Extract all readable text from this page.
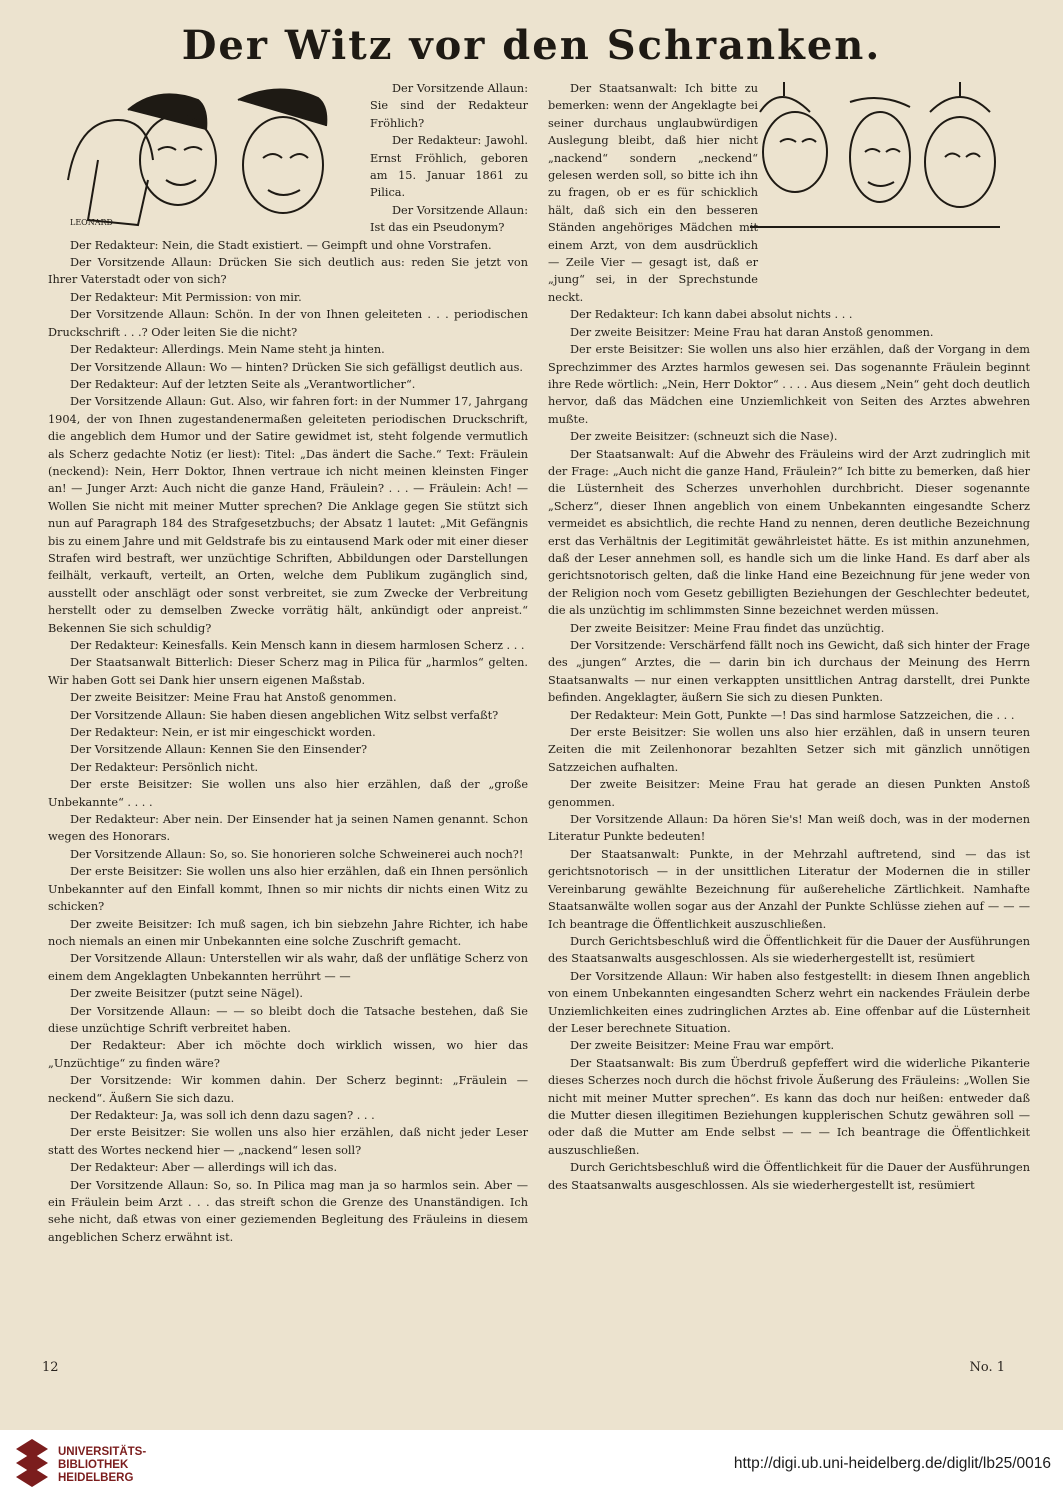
Der Witz vor den Schranken.
LEONARD

Der Vorsitzende Allaun: Sie sind der Redakteur Fröhlich?

Der Redakteur: Jawohl. Ernst Fröhlich, geboren am 15. Januar 1861 zu Pilica.

Der Vorsitzende Allaun: Ist das ein Pseudonym?

Der Redakteur: Nein, die Stadt existiert. — Geimpft und ohne Vorstrafen.

Der Vorsitzende Allaun: Drücken Sie sich deutlich aus: reden Sie jetzt von Ihrer Vaterstadt oder von sich?

Der Redakteur: Mit Permission: von mir.

Der Vorsitzende Allaun: Schön. In der von Ihnen geleiteten . . . periodischen Druckschrift . . .? Oder leiten Sie die nicht?

Der Redakteur: Allerdings. Mein Name steht ja hinten.

Der Vorsitzende Allaun: Wo — hinten? Drücken Sie sich gefälligst deutlich aus.

Der Redakteur: Auf der letzten Seite als „Verantwortlicher“.

Der Vorsitzende Allaun: Gut. Also, wir fahren fort: in der Nummer 17, Jahrgang 1904, der von Ihnen zugestandenermaßen geleiteten periodischen Druckschrift, die angeblich dem Humor und der Satire gewidmet ist, steht folgende vermutlich als Scherz gedachte Notiz (er liest): Titel: „Das ändert die Sache.“ Text: Fräulein (neckend): Nein, Herr Doktor, Ihnen vertraue ich nicht meinen kleinsten Finger an! — Junger Arzt: Auch nicht die ganze Hand, Fräulein? . . . — Fräulein: Ach! — Wollen Sie nicht mit meiner Mutter sprechen? Die Anklage gegen Sie stützt sich nun auf Paragraph 184 des Strafgesetzbuchs; der Absatz 1 lautet: „Mit Gefängnis bis zu einem Jahre und mit Geldstrafe bis zu eintausend Mark oder mit einer dieser Strafen wird bestraft, wer unzüchtige Schriften, Abbildungen oder Darstellungen feilhält, verkauft, verteilt, an Orten, welche dem Publikum zugänglich sind, ausstellt oder anschlägt oder sonst verbreitet, sie zum Zwecke der Verbreitung herstellt oder zu demselben Zwecke vorrätig hält, ankündigt oder anpreist.“ Bekennen Sie sich schuldig?

Der Redakteur: Keinesfalls. Kein Mensch kann in diesem harmlosen Scherz . . .

Der Staatsanwalt Bitterlich: Dieser Scherz mag in Pilica für „harmlos“ gelten. Wir haben Gott sei Dank hier unsern eigenen Maßstab.

Der zweite Beisitzer: Meine Frau hat Anstoß genommen.

Der Vorsitzende Allaun: Sie haben diesen angeblichen Witz selbst verfaßt?

Der Redakteur: Nein, er ist mir eingeschickt worden.

Der Vorsitzende Allaun: Kennen Sie den Einsender?

Der Redakteur: Persönlich nicht.

Der erste Beisitzer: Sie wollen uns also hier erzählen, daß der „große Unbekannte“ . . . .

Der Redakteur: Aber nein. Der Einsender hat ja seinen Namen genannt. Schon wegen des Honorars.

Der Vorsitzende Allaun: So, so. Sie honorieren solche Schweinerei auch noch?!

Der erste Beisitzer: Sie wollen uns also hier erzählen, daß ein Ihnen persönlich Unbekannter auf den Einfall kommt, Ihnen so mir nichts dir nichts einen Witz zu schicken?

Der zweite Beisitzer: Ich muß sagen, ich bin siebzehn Jahre Richter, ich habe noch niemals an einen mir Unbekannten eine solche Zuschrift gemacht.

Der Vorsitzende Allaun: Unterstellen wir als wahr, daß der unflätige Scherz von einem dem Angeklagten Unbekannten herrührt — —

Der zweite Beisitzer (putzt seine Nägel).

Der Vorsitzende Allaun: — — so bleibt doch die Tatsache bestehen, daß Sie diese unzüchtige Schrift verbreitet haben.

Der Redakteur: Aber ich möchte doch wirklich wissen, wo hier das „Unzüchtige“ zu finden wäre?

Der Vorsitzende: Wir kommen dahin. Der Scherz beginnt: „Fräulein — neckend“. Äußern Sie sich dazu.

Der Redakteur: Ja, was soll ich denn dazu sagen? . . .

Der erste Beisitzer: Sie wollen uns also hier erzählen, daß nicht jeder Leser statt des Wortes neckend hier — „nackend“ lesen soll?

Der Redakteur: Aber — allerdings will ich das.

Der Vorsitzende Allaun: So, so. In Pilica mag man ja so harmlos sein. Aber — ein Fräulein beim Arzt . . . das streift schon die Grenze des Unanständigen. Ich sehe nicht, daß etwas von einer geziemenden Begleitung des Fräuleins in diesem angeblichen Scherz erwähnt ist.

Der Staatsanwalt: Ich bitte zu bemerken: wenn der Angeklagte bei seiner durchaus unglaubwürdigen Auslegung bleibt, daß hier nicht „nackend“ sondern „neckend“ gelesen werden soll, so bitte ich ihn zu fragen, ob er es für schicklich hält, daß sich ein den besseren Ständen angehöriges Mädchen mit einem Arzt, von dem ausdrücklich — Zeile Vier — gesagt ist, daß er „jung“ sei, in der Sprechstunde neckt.

Der Redakteur: Ich kann dabei absolut nichts . . .

Der zweite Beisitzer: Meine Frau hat daran Anstoß genommen.

Der erste Beisitzer: Sie wollen uns also hier erzählen, daß der Vorgang in dem Sprechzimmer des Arztes harmlos gewesen sei. Das sogenannte Fräulein beginnt ihre Rede wörtlich: „Nein, Herr Doktor“ . . . . Aus diesem „Nein“ geht doch deutlich hervor, daß das Mädchen eine Unziemlichkeit von Seiten des Arztes abwehren mußte.

Der zweite Beisitzer: (schneuzt sich die Nase).

Der Staatsanwalt: Auf die Abwehr des Fräuleins wird der Arzt zudringlich mit der Frage: „Auch nicht die ganze Hand, Fräulein?“ Ich bitte zu bemerken, daß hier die Lüsternheit des Scherzes unverhohlen durchbricht. Dieser sogenannte „Scherz“, dieser Ihnen angeblich von einem Unbekannten eingesandte Scherz vermeidet es absichtlich, die rechte Hand zu nennen, deren deutliche Bezeichnung erst das Verhältnis der Legitimität gewährleistet hätte. Es ist mithin anzunehmen, daß der Leser annehmen soll, es handle sich um die linke Hand. Es darf aber als gerichtsnotorisch gelten, daß die linke Hand eine Bezeichnung für jene weder von der Religion noch vom Gesetz gebilligten Beziehungen der Geschlechter bedeutet, die als unzüchtig im schlimmsten Sinne bezeichnet werden müssen.

Der zweite Beisitzer: Meine Frau findet das unzüchtig.

Der Vorsitzende: Verschärfend fällt noch ins Gewicht, daß sich hinter der Frage des „jungen“ Arztes, die — darin bin ich durchaus der Meinung des Herrn Staatsanwalts — nur einen verkappten unsittlichen Antrag darstellt, drei Punkte befinden. Angeklagter, äußern Sie sich zu diesen Punkten.

Der Redakteur: Mein Gott, Punkte —! Das sind harmlose Satzzeichen, die . . .

Der erste Beisitzer: Sie wollen uns also hier erzählen, daß in unsern teuren Zeiten die mit Zeilenhonorar bezahlten Setzer sich mit gänzlich unnötigen Satzzeichen aufhalten.

Der zweite Beisitzer: Meine Frau hat gerade an diesen Punkten Anstoß genommen.

Der Vorsitzende Allaun: Da hören Sie's! Man weiß doch, was in der modernen Literatur Punkte bedeuten!

Der Staatsanwalt: Punkte, in der Mehrzahl auftretend, sind — das ist gerichtsnotorisch — in der unsittlichen Literatur der Modernen die in stiller Vereinbarung gewählte Bezeichnung für außereheliche Zärtlichkeit. Namhafte Staatsanwälte wollen sogar aus der Anzahl der Punkte Schlüsse ziehen auf — — — Ich beantrage die Öffentlichkeit auszuschließen.

Durch Gerichtsbeschluß wird die Öffentlichkeit für die Dauer der Ausführungen des Staatsanwalts ausgeschlossen. Als sie wiederhergestellt ist, resümiert

Der Vorsitzende Allaun: Wir haben also festgestellt: in diesem Ihnen angeblich von einem Unbekannten eingesandten Scherz wehrt ein nackendes Fräulein derbe Unziemlichkeiten eines zudringlichen Arztes ab. Eine offenbar auf die Lüsternheit der Leser berechnete Situation.

Der zweite Beisitzer: Meine Frau war empört.

Der Staatsanwalt: Bis zum Überdruß gepfeffert wird die widerliche Pikanterie dieses Scherzes noch durch die höchst frivole Äußerung des Fräuleins: „Wollen Sie nicht mit meiner Mutter sprechen“. Es kann das doch nur heißen: entweder daß die Mutter diesen illegitimen Beziehungen kupplerischen Schutz gewähren soll — oder daß die Mutter am Ende selbst — — — Ich beantrage die Öffentlichkeit auszuschließen.

Durch Gerichtsbeschluß wird die Öffentlichkeit für die Dauer der Ausführungen des Staatsanwalts ausgeschlossen. Als sie wiederhergestellt ist, resümiert

12	No. 1
UNIVERSITÄTS-
BIBLIOTHEK
HEIDELBERG
http://digi.ub.uni-heidelberg.de/diglit/lb25/0016
